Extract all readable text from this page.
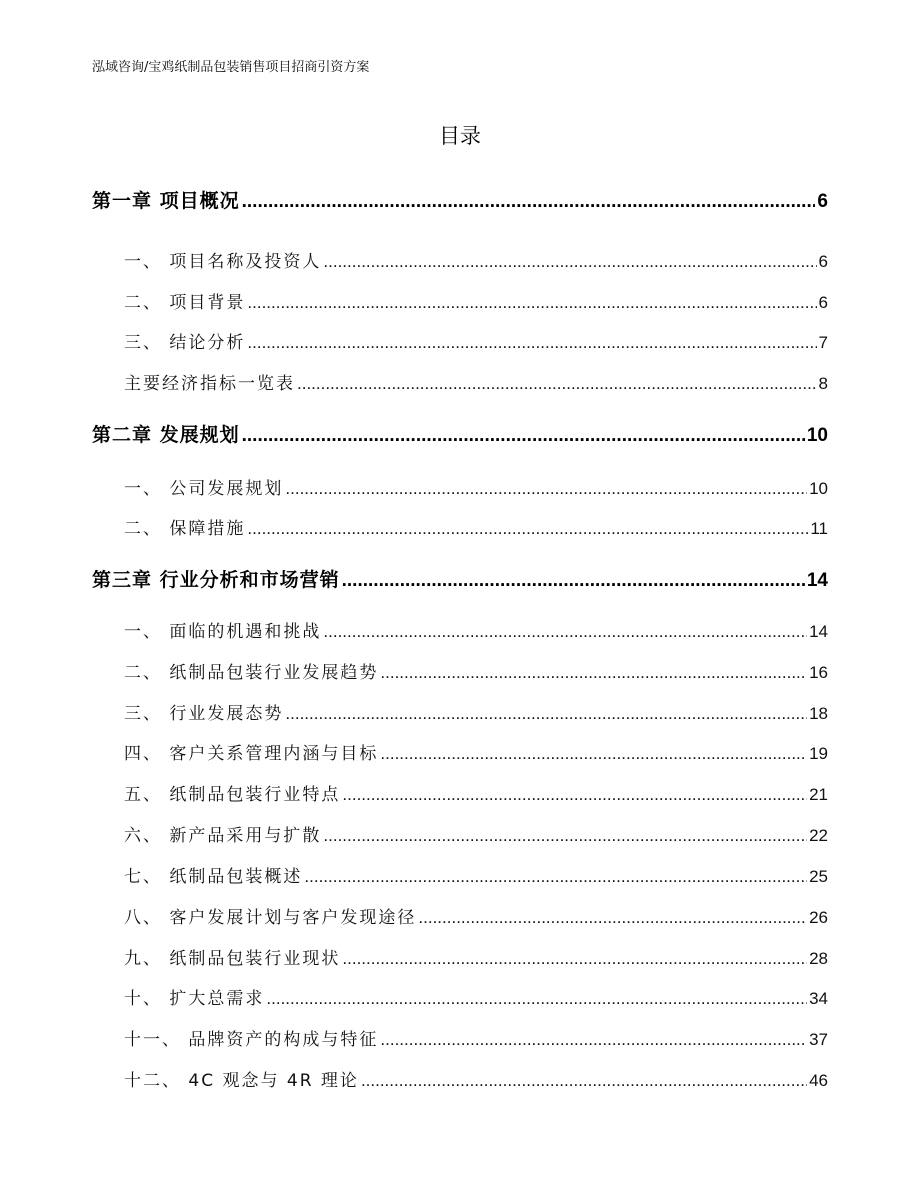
泓域咨询/宝鸡纸制品包装销售项目招商引资方案
目录
第一章 项目概况 .....	6
一、 项目名称及投资人 .....	6
二、 项目背景 .....	6
三、 结论分析 .....	7
主要经济指标一览表 .....	8
第二章 发展规划 .....	10
一、 公司发展规划 .....	10
二、 保障措施 .....	11
第三章 行业分析和市场营销 .....	14
一、 面临的机遇和挑战 .....	14
二、 纸制品包装行业发展趋势 .....	16
三、 行业发展态势 .....	18
四、 客户关系管理内涵与目标 .....	19
五、 纸制品包装行业特点 .....	21
六、 新产品采用与扩散 .....	22
七、 纸制品包装概述 .....	25
八、 客户发展计划与客户发现途径 .....	26
九、 纸制品包装行业现状 .....	28
十、 扩大总需求 .....	34
十一、 品牌资产的构成与特征 .....	37
十二、 4C 观念与 4R 理论 .....	46
